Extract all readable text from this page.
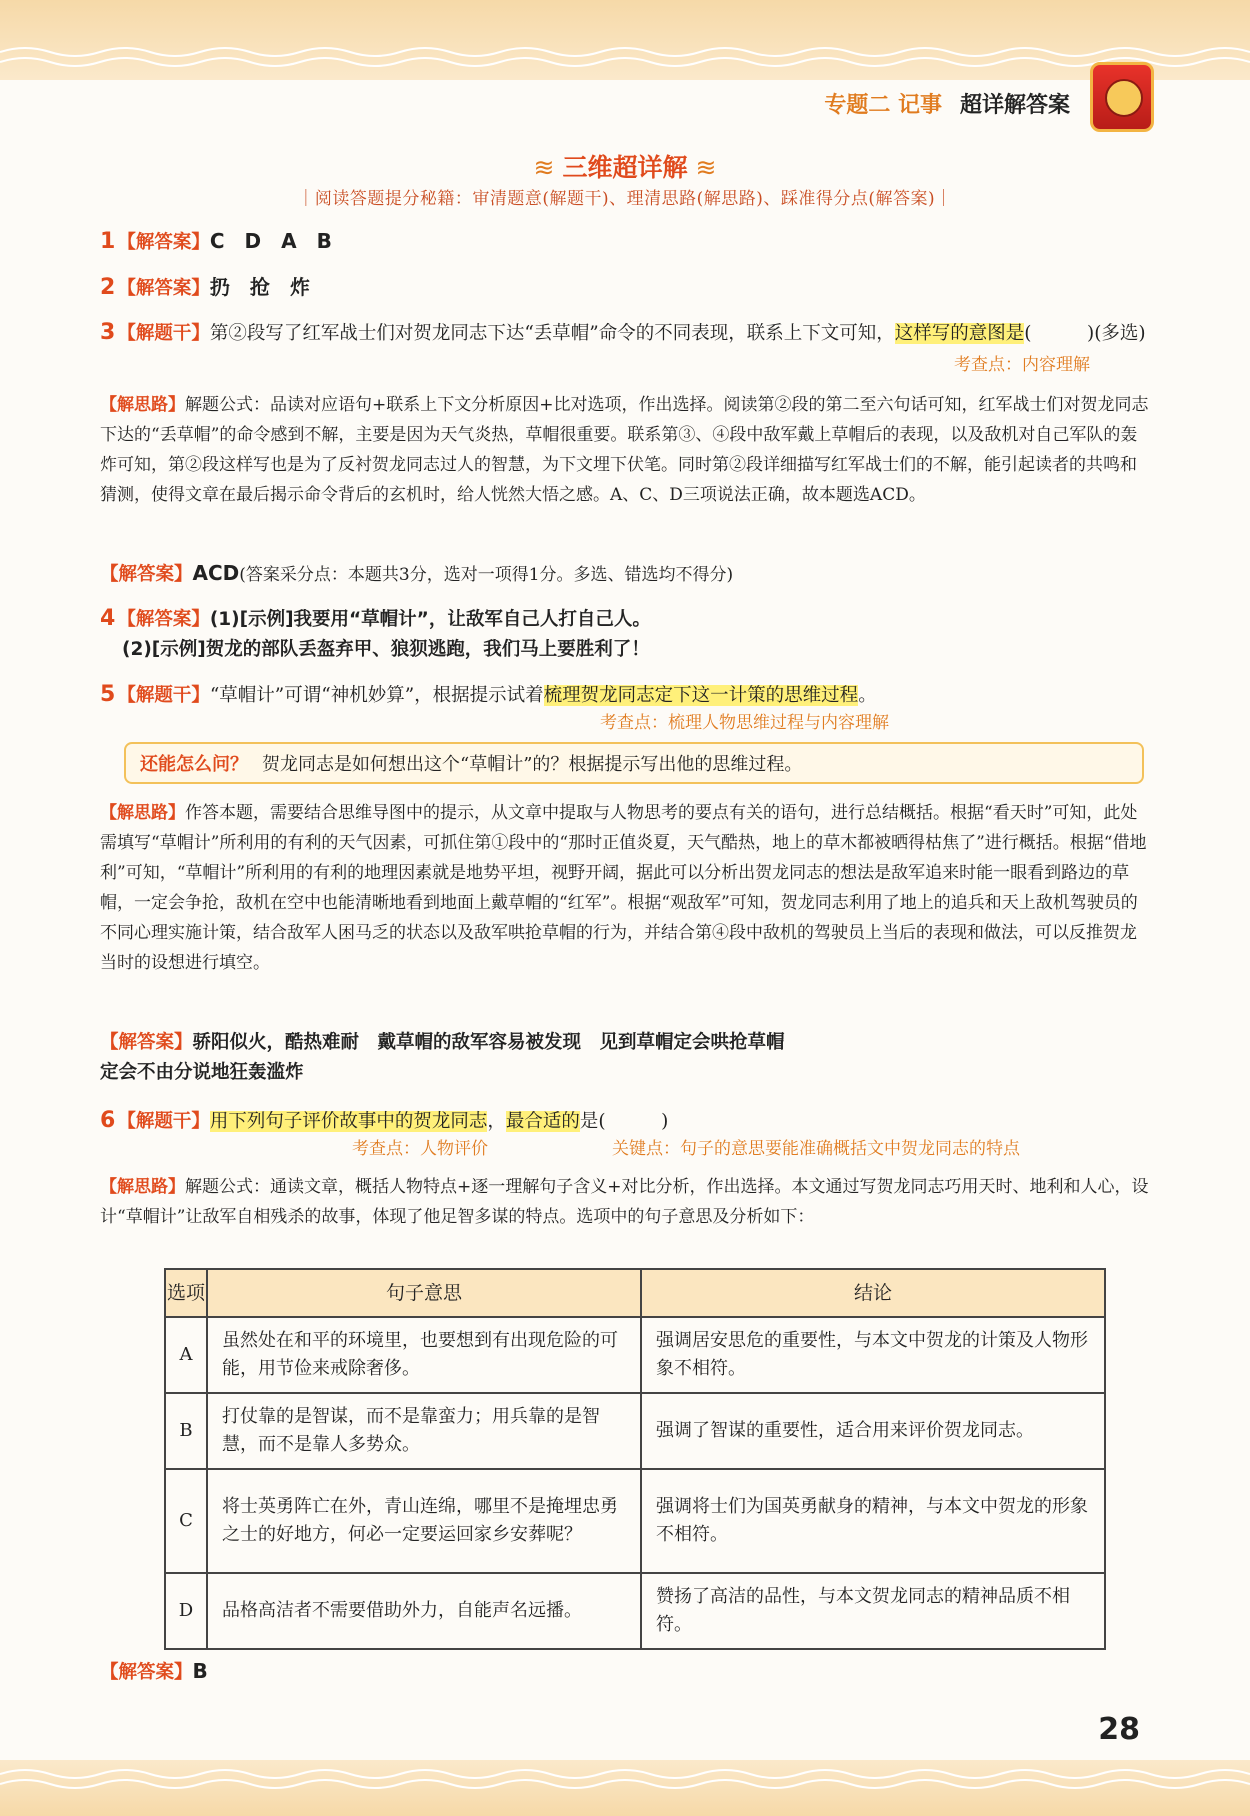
专题二 记事 超详解答案
≋ 三维超详解 ≋
｜阅读答题提分秘籍：审清题意(解题干)、理清思路(解思路)、踩准得分点(解答案)｜
1 【解答案】C　D　A　B
2 【解答案】扔　抢　炸
3 【解题干】第②段写了红军战士们对贺龙同志下达“丢草帽”命令的不同表现，联系上下文可知，这样写的意图是(　　　)(多选)
考查点：内容理解
【解思路】解题公式：品读对应语句+联系上下文分析原因+比对选项，作出选择。阅读第②段的第二至六句话可知，红军战士们对贺龙同志下达的“丢草帽”的命令感到不解，主要是因为天气炎热，草帽很重要。联系第③、④段中敌军戴上草帽后的表现，以及敌机对自己军队的轰炸可知，第②段这样写也是为了反衬贺龙同志过人的智慧，为下文埋下伏笔。同时第②段详细描写红军战士们的不解，能引起读者的共鸣和猜测，使得文章在最后揭示命令背后的玄机时，给人恍然大悟之感。A、C、D三项说法正确，故本题选ACD。
【解答案】ACD(答案采分点：本题共3分，选对一项得1分。多选、错选均不得分)
4 【解答案】(1)[示例]我要用“草帽计”，让敌军自己人打自己人。
(2)[示例]贺龙的部队丢盔弃甲、狼狈逃跑，我们马上要胜利了！
5 【解题干】“草帽计”可谓“神机妙算”，根据提示试着梳理贺龙同志定下这一计策的思维过程。
考查点：梳理人物思维过程与内容理解
还能怎么问？ 贺龙同志是如何想出这个“草帽计”的？根据提示写出他的思维过程。
【解思路】作答本题，需要结合思维导图中的提示，从文章中提取与人物思考的要点有关的语句，进行总结概括。根据“看天时”可知，此处需填写“草帽计”所利用的有利的天气因素，可抓住第①段中的“那时正值炎夏，天气酷热，地上的草木都被晒得枯焦了”进行概括。根据“借地利”可知，“草帽计”所利用的有利的地理因素就是地势平坦，视野开阔，据此可以分析出贺龙同志的想法是敌军追来时能一眼看到路边的草帽，一定会争抢，敌机在空中也能清晰地看到地面上戴草帽的“红军”。根据“观敌军”可知，贺龙同志利用了地上的追兵和天上敌机驾驶员的不同心理实施计策，结合敌军人困马乏的状态以及敌军哄抢草帽的行为，并结合第④段中敌机的驾驶员上当后的表现和做法，可以反推贺龙当时的设想进行填空。
【解答案】骄阳似火，酷热难耐　戴草帽的敌军容易被发现　见到草帽定会哄抢草帽
定会不由分说地狂轰滥炸
6 【解题干】用下列句子评价故事中的贺龙同志，最合适的是(　　　)
考查点：人物评价	关键点：句子的意思要能准确概括文中贺龙同志的特点
【解思路】解题公式：通读文章，概括人物特点+逐一理解句子含义+对比分析，作出选择。本文通过写贺龙同志巧用天时、地利和人心，设计“草帽计”让敌军自相残杀的故事，体现了他足智多谋的特点。选项中的句子意思及分析如下：
选项	句子意思	结论
A	虽然处在和平的环境里，也要想到有出现危险的可能，用节俭来戒除奢侈。	强调居安思危的重要性，与本文中贺龙的计策及人物形象不相符。
B	打仗靠的是智谋，而不是靠蛮力；用兵靠的是智慧，而不是靠人多势众。	强调了智谋的重要性，适合用来评价贺龙同志。
C	将士英勇阵亡在外，青山连绵，哪里不是掩埋忠勇之士的好地方，何必一定要运回家乡安葬呢？	强调将士们为国英勇献身的精神，与本文中贺龙的形象不相符。
D	品格高洁者不需要借助外力，自能声名远播。	赞扬了高洁的品性，与本文贺龙同志的精神品质不相符。
【解答案】B
28
